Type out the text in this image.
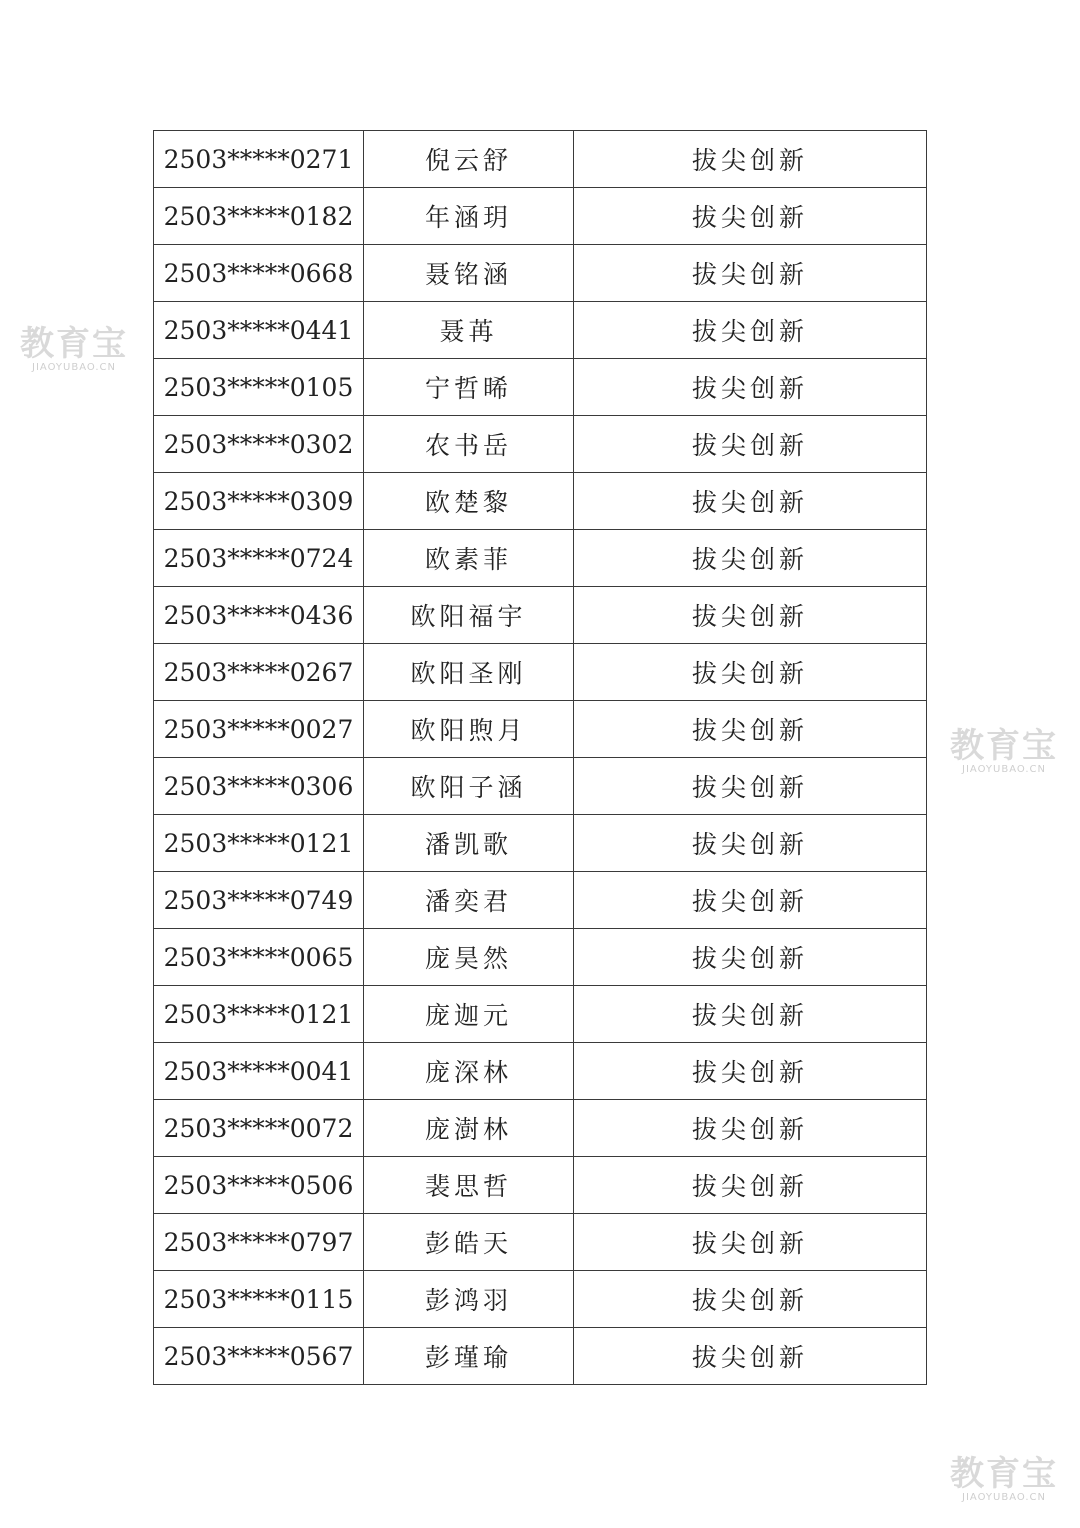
2503*****0271	倪云舒	拔尖创新
2503*****0182	年涵玥	拔尖创新
2503*****0668	聂铭涵	拔尖创新
2503*****0441	聂苒	拔尖创新
2503*****0105	宁哲晞	拔尖创新
2503*****0302	农书岳	拔尖创新
2503*****0309	欧楚黎	拔尖创新
2503*****0724	欧素菲	拔尖创新
2503*****0436	欧阳福宇	拔尖创新
2503*****0267	欧阳圣刚	拔尖创新
2503*****0027	欧阳煦月	拔尖创新
2503*****0306	欧阳子涵	拔尖创新
2503*****0121	潘凯歌	拔尖创新
2503*****0749	潘奕君	拔尖创新
2503*****0065	庞昊然	拔尖创新
2503*****0121	庞迦元	拔尖创新
2503*****0041	庞深林	拔尖创新
2503*****0072	庞澍林	拔尖创新
2503*****0506	裴思哲	拔尖创新
2503*****0797	彭皓天	拔尖创新
2503*****0115	彭鸿羽	拔尖创新
2503*****0567	彭瑾瑜	拔尖创新
教育宝
JIAOYUBAO.CN
教育宝
JIAOYUBAO.CN
教育宝
JIAOYUBAO.CN
